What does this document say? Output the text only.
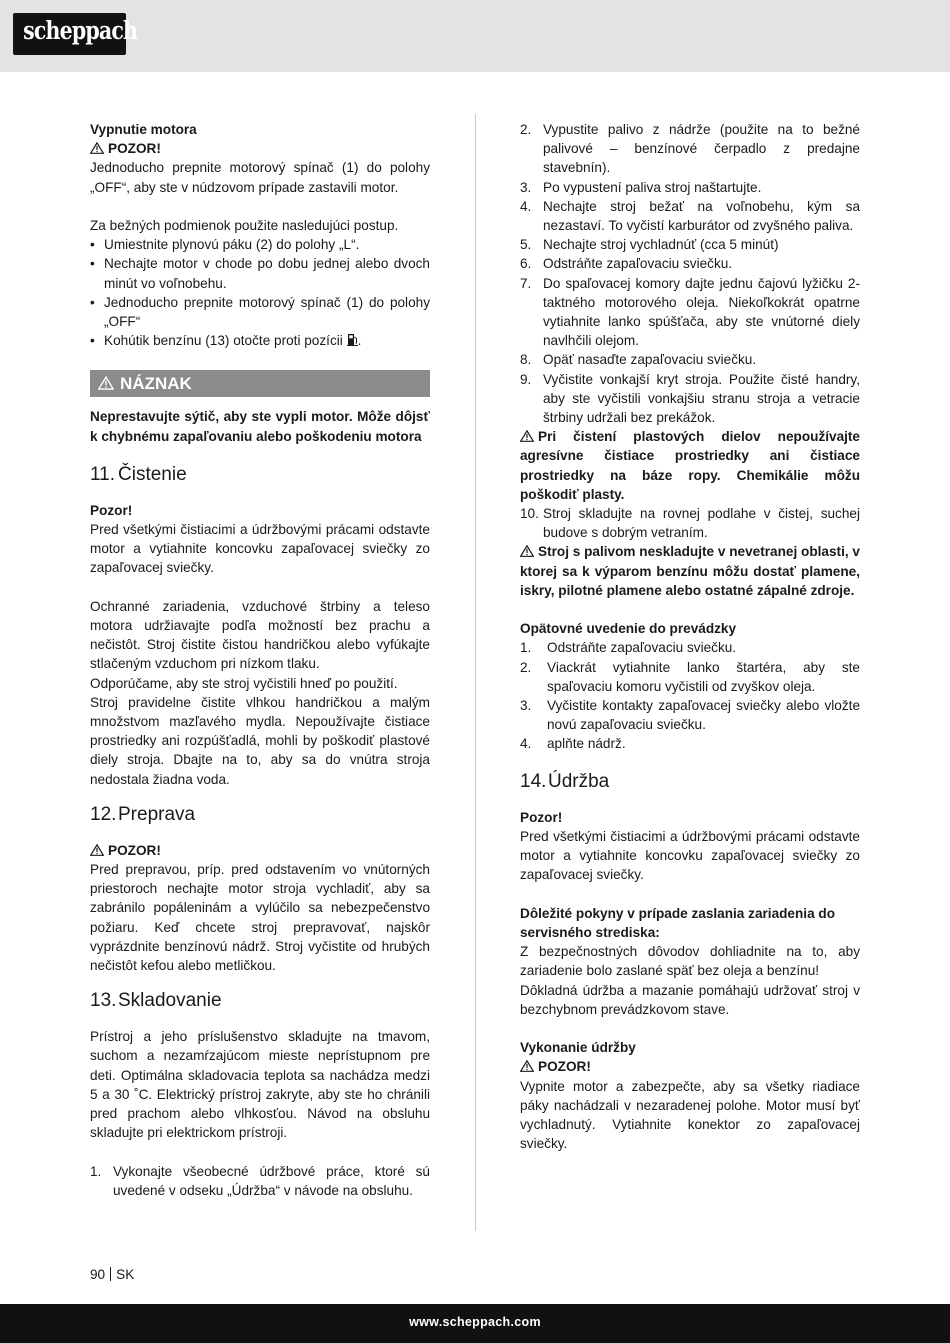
scheppach

Vypnutie motora

POZOR!

Jednoducho prepnite motorový spínač (1) do polohy „OFF“, aby ste v núdzovom prípade zastavili motor.

Za bežných podmienok použite nasledujúci postup.

• Umiestnite plynovú páku (2) do polohy „L“.
• Nechajte motor v chode po dobu jednej alebo dvoch minút vo voľnobehu.
• Jednoducho prepnite motorový spínač (1) do polohy „OFF“
• Kohútik benzínu (13) otočte proti pozícii .
NÁZNAK

Neprestavujte sýtič, aby ste vypli motor. Môže dôjsť k chybnému zapaľovaniu alebo poškodeniu motora

11. Čistenie

Pozor!

Pred všetkými čistiacimi a údržbovými prácami odstavte motor a vytiahnite koncovku zapaľovacej sviečky zo zapaľovacej sviečky.

Ochranné zariadenia, vzduchové štrbiny a teleso motora udržiavajte podľa možností bez prachu a nečistôt. Stroj čistite čistou handričkou alebo vyfúkajte stlačeným vzduchom pri nízkom tlaku.

Odporúčame, aby ste stroj vyčistili hneď po použití.

Stroj pravidelne čistite vlhkou handričkou a malým množstvom mazľavého mydla. Nepoužívajte čistiace prostriedky ani rozpúšťadlá, mohli by poškodiť plastové diely stroja. Dbajte na to, aby sa do vnútra stroja nedostala žiadna voda.

12.Preprava

POZOR!

Pred prepravou, príp. pred odstavením vo vnútorných priestoroch nechajte motor stroja vychladiť, aby sa zabránilo popáleninám a vylúčilo sa nebezpečenstvo požiaru. Keď chcete stroj prepravovať, najskôr vyprázdnite benzínovú nádrž. Stroj vyčistite od hrubých nečistôt kefou alebo metličkou.

13.Skladovanie

Prístroj a jeho príslušenstvo skladujte na tmavom, suchom a nezamŕzajúcom mieste neprístupnom pre deti. Optimálna skladovacia teplota sa nachádza medzi 5 a 30 ˚C. Elektrický prístroj zakryte, aby ste ho chránili pred prachom alebo vlhkosťou. Návod na obsluhu skladujte pri elektrickom prístroji.

1. Vykonajte všeobecné údržbové práce, ktoré sú uvedené v odseku „Údržba“ v návode na obsluhu.
2. Vypustite palivo z nádrže (použite na to bežné palivové – benzínové čerpadlo z predajne stavebnín).
3. Po vypustení paliva stroj naštartujte.
4. Nechajte stroj bežať na voľnobehu, kým sa nezastaví. To vyčistí karburátor od zvyšného paliva.
5. Nechajte stroj vychladnúť (cca 5 minút)
6. Odstráňte zapaľovaciu sviečku.
7. Do spaľovacej komory dajte jednu čajovú lyžičku 2-taktného motorového oleja. Niekoľkokrát opatrne vytiahnite lanko spúšťača, aby ste vnútorné diely navlhčili olejom.
8. Opäť nasaďte zapaľovaciu sviečku.
9. Vyčistite vonkajší kryt stroja. Použite čisté handry, aby ste vyčistili vonkajšiu stranu stroja a vetracie štrbiny udržali bez prekážok.

Pri čistení plastových dielov nepoužívajte agresívne čistiace prostriedky ani čistiace prostriedky na báze ropy. Chemikálie môžu poškodiť plasty.

10. Stroj skladujte na rovnej podlahe v čistej, suchej budove s dobrým vetraním.

Stroj s palivom neskladujte v nevetranej oblasti, v ktorej sa k výparom benzínu môžu dostať plamene, iskry, pilotné plamene alebo ostatné zápalné zdroje.

Opätovné uvedenie do prevádzky

1. Odstráňte zapaľovaciu sviečku.
2. Viackrát vytiahnite lanko štartéra, aby ste spaľovaciu komoru vyčistili od zvyškov oleja.
3. Vyčistite kontakty zapaľovacej sviečky alebo vložte novú zapaľovaciu sviečku.
4. aplňte nádrž.
14.Údržba

Pozor!

Pred všetkými čistiacimi a údržbovými prácami odstavte motor a vytiahnite koncovku zapaľovacej sviečky zo zapaľovacej sviečky.

Dôležité pokyny v prípade zaslania zariadenia do servisného strediska:

Z bezpečnostných dôvodov dohliadnite na to, aby zariadenie bolo zaslané späť bez oleja a benzínu!

Dôkladná údržba a mazanie pomáhajú udržovať stroj v bezchybnom prevádzkovom stave.

Vykonanie údržby

POZOR!

Vypnite motor a zabezpečte, aby sa všetky riadiace páky nachádzali v nezaradenej polohe. Motor musí byť vychladnutý. Vytiahnite konektor zo zapaľovacej sviečky.

90 SK
www.scheppach.com
